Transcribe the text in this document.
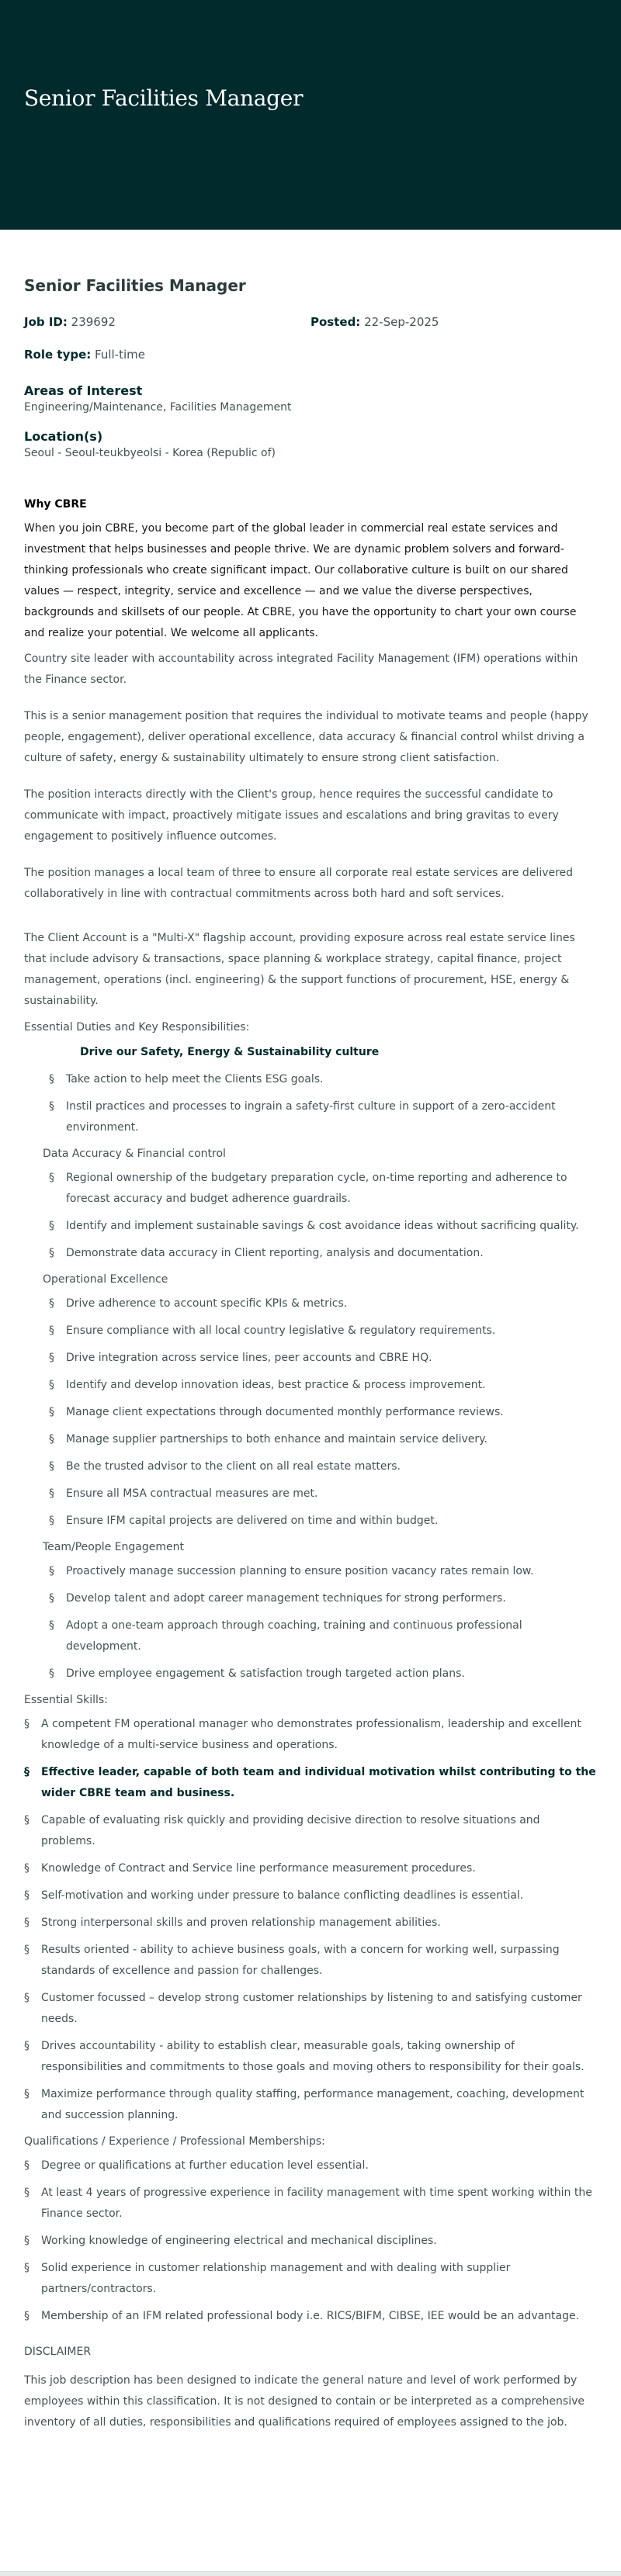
Senior Facilities Manager
Senior Facilities Manager
Job ID: 239692	Posted: 22-Sep-2025
Role type: Full-time
Areas of Interest
Engineering/Maintenance, Facilities Management
Location(s)
Seoul - Seoul-teukbyeolsi - Korea (Republic of)
Why CBRE

When you join CBRE, you become part of the global leader in commercial real estate services and investment that helps businesses and people thrive. We are dynamic problem solvers and forward-thinking professionals who create significant impact. Our collaborative culture is built on our shared values — respect, integrity, service and excellence — and we value the diverse perspectives, backgrounds and skillsets of our people. At CBRE, you have the opportunity to chart your own course and realize your potential. We welcome all applicants.

Country site leader with accountability across integrated Facility Management (IFM) operations within the Finance sector.

This is a senior management position that requires the individual to motivate teams and people (happy people, engagement), deliver operational excellence, data accuracy & financial control whilst driving a culture of safety, energy & sustainability ultimately to ensure strong client satisfaction.

The position interacts directly with the Client's group, hence requires the successful candidate to communicate with impact, proactively mitigate issues and escalations and bring gravitas to every engagement to positively influence outcomes.

The position manages a local team of three to ensure all corporate real estate services are delivered collaboratively in line with contractual commitments across both hard and soft services.

The Client Account is a "Multi-X" flagship account, providing exposure across real estate service lines that include advisory & transactions, space planning & workplace strategy, capital finance, project management, operations (incl. engineering) & the support functions of procurement, HSE, energy & sustainability.

Essential Duties and Key Responsibilities:
Drive our Safety, Energy & Sustainability culture
§ Take action to help meet the Clients ESG goals.
§ Instil practices and processes to ingrain a safety-first culture in support of a zero-accident environment.
Data Accuracy & Financial control
§ Regional ownership of the budgetary preparation cycle, on-time reporting and adherence to forecast accuracy and budget adherence guardrails.
§ Identify and implement sustainable savings & cost avoidance ideas without sacrificing quality.
§ Demonstrate data accuracy in Client reporting, analysis and documentation.
Operational Excellence
§ Drive adherence to account specific KPIs & metrics.
§ Ensure compliance with all local country legislative & regulatory requirements.
§ Drive integration across service lines, peer accounts and CBRE HQ.
§ Identify and develop innovation ideas, best practice & process improvement.
§ Manage client expectations through documented monthly performance reviews.
§ Manage supplier partnerships to both enhance and maintain service delivery.
§ Be the trusted advisor to the client on all real estate matters.
§ Ensure all MSA contractual measures are met.
§ Ensure IFM capital projects are delivered on time and within budget.
Team/People Engagement
§ Proactively manage succession planning to ensure position vacancy rates remain low.
§ Develop talent and adopt career management techniques for strong performers.
§ Adopt a one-team approach through coaching, training and continuous professional development.
§ Drive employee engagement & satisfaction trough targeted action plans.
Essential Skills:
§ A competent FM operational manager who demonstrates professionalism, leadership and excellent knowledge of a multi-service business and operations.
§ Effective leader, capable of both team and individual motivation whilst contributing to the wider CBRE team and business.
§ Capable of evaluating risk quickly and providing decisive direction to resolve situations and problems.
§ Knowledge of Contract and Service line performance measurement procedures.
§ Self-motivation and working under pressure to balance conflicting deadlines is essential.
§ Strong interpersonal skills and proven relationship management abilities.
§ Results oriented - ability to achieve business goals, with a concern for working well, surpassing standards of excellence and passion for challenges.
§ Customer focussed – develop strong customer relationships by listening to and satisfying customer needs.
§ Drives accountability - ability to establish clear, measurable goals, taking ownership of responsibilities and commitments to those goals and moving others to responsibility for their goals.
§ Maximize performance through quality staffing, performance management, coaching, development and succession planning.
Qualifications / Experience / Professional Memberships:
§ Degree or qualifications at further education level essential.
§ At least 4 years of progressive experience in facility management with time spent working within the Finance sector.
§ Working knowledge of engineering electrical and mechanical disciplines.
§ Solid experience in customer relationship management and with dealing with supplier partners/contractors.
§ Membership of an IFM related professional body i.e. RICS/BIFM, CIBSE, IEE would be an advantage.
DISCLAIMER

This job description has been designed to indicate the general nature and level of work performed by employees within this classification. It is not designed to contain or be interpreted as a comprehensive inventory of all duties, responsibilities and qualifications required of employees assigned to the job.
